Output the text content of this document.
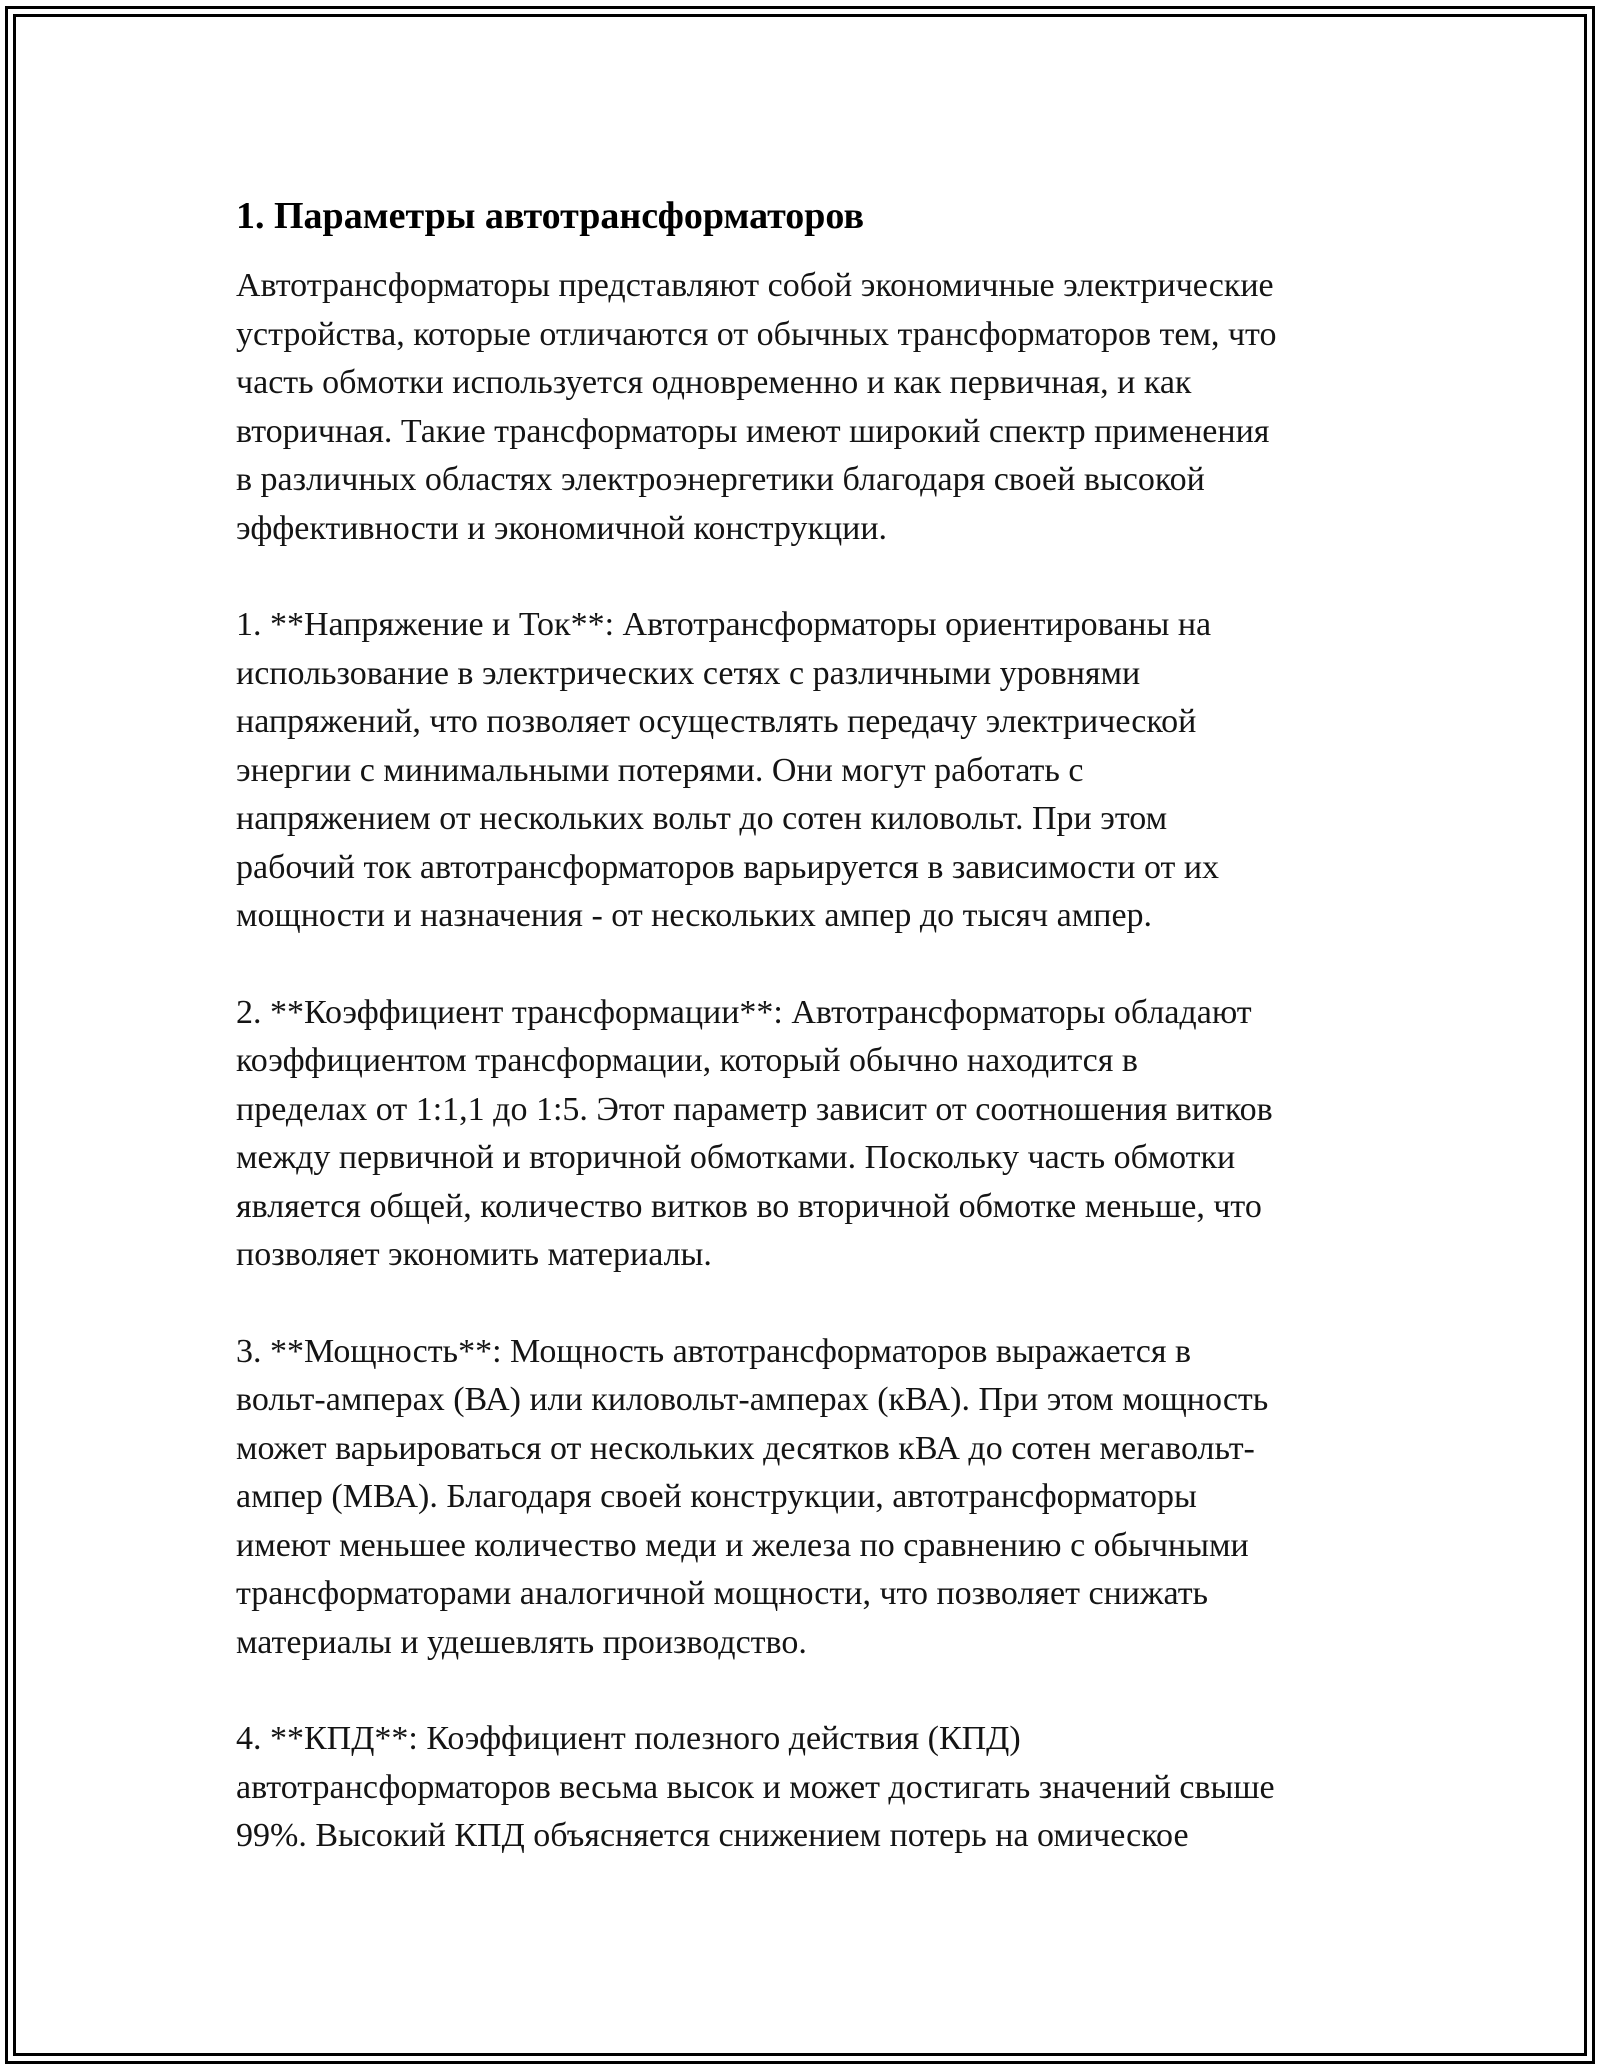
1. Параметры автотрансформаторов

Автотрансформаторы представляют собой экономичные электрические
устройства, которые отличаются от обычных трансформаторов тем, что
часть обмотки используется одновременно и как первичная, и как
вторичная. Такие трансформаторы имеют широкий спектр применения
в различных областях электроэнергетики благодаря своей высокой
эффективности и экономичной конструкции.

1. **Напряжение и Ток**: Автотрансформаторы ориентированы на
использование в электрических сетях с различными уровнями
напряжений, что позволяет осуществлять передачу электрической
энергии с минимальными потерями. Они могут работать с
напряжением от нескольких вольт до сотен киловольт. При этом
рабочий ток автотрансформаторов варьируется в зависимости от их
мощности и назначения - от нескольких ампер до тысяч ампер.

2. **Коэффициент трансформации**: Автотрансформаторы обладают
коэффициентом трансформации, который обычно находится в
пределах от 1:1,1 до 1:5. Этот параметр зависит от соотношения витков
между первичной и вторичной обмотками. Поскольку часть обмотки
является общей, количество витков во вторичной обмотке меньше, что
позволяет экономить материалы.

3. **Мощность**: Мощность автотрансформаторов выражается в
вольт-амперах (ВА) или киловольт-амперах (кВА). При этом мощность
может варьироваться от нескольких десятков кВА до сотен мегавольт-
ампер (МВА). Благодаря своей конструкции, автотрансформаторы
имеют меньшее количество меди и железа по сравнению с обычными
трансформаторами аналогичной мощности, что позволяет снижать
материалы и удешевлять производство.

4. **КПД**: Коэффициент полезного действия (КПД)
автотрансформаторов весьма высок и может достигать значений свыше
99%. Высокий КПД объясняется снижением потерь на омическое
